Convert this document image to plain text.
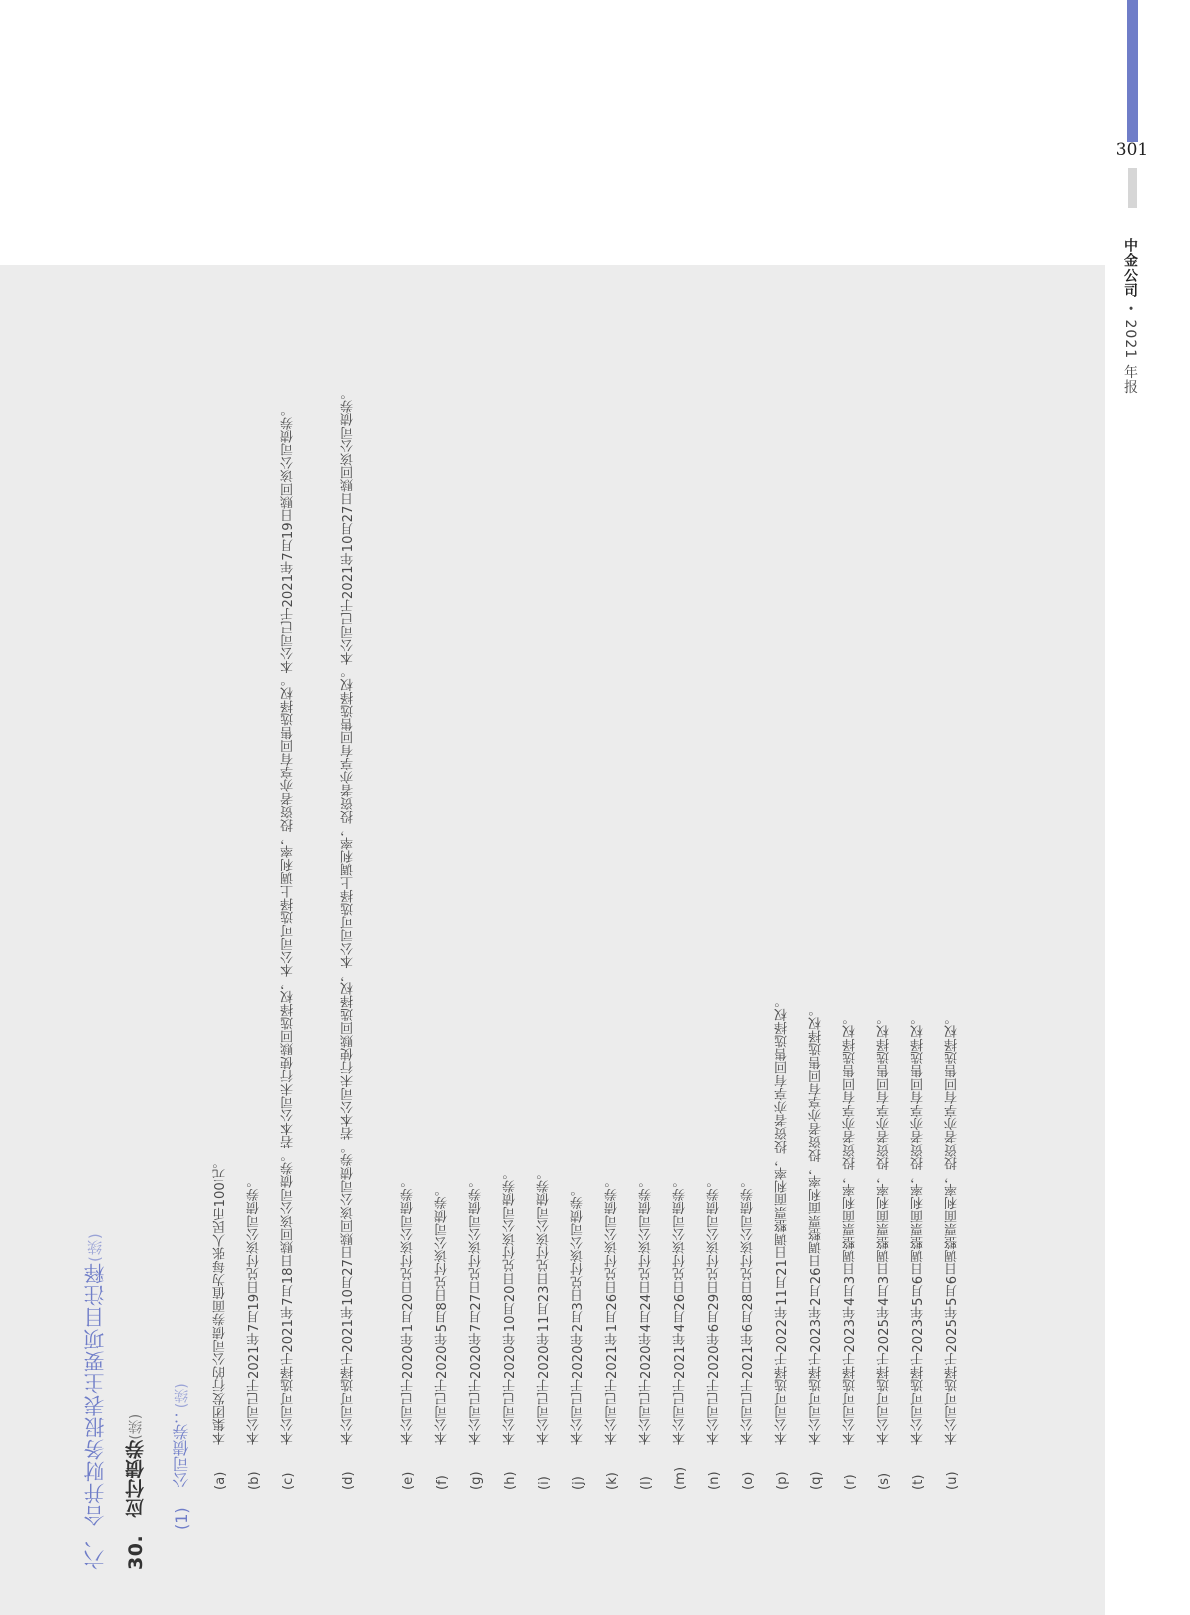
301
中金公司•2021 年报
六、合并财务报表主要项目注释(续)
30. 应付债券(续)
(1) 公司债券：(续)
(a)
本集团发行的公司债券面值为每张人民币100元。
(b)
本公司已于2021年7月19日兑付该公司债券。
(c)
本公司可选择于2021年7月18日赎回该公司债券。若本公司未行使赎回选择权，本公司可选择上调利率，投资者亦享有回售选择权。本公司已于2021年7月19日赎回该公司债券。
(d)
本公司可选择于2021年10月27日赎回该公司债券。若本公司未行使赎回选择权，本公司可选择上调利率，投资者亦享有回售选择权。本公司已于2021年10月27日赎回该公司债券。
(e)
本公司已于2020年1月20日兑付该公司债券。
(f)
本公司已于2020年5月8日兑付该公司债券。
(g)
本公司已于2020年7月27日兑付该公司债券。
(h)
本公司已于2020年10月20日兑付该公司债券。
(i)
本公司已于2020年11月23日兑付该公司债券。
(j)
本公司已于2020年2月3日兑付该公司债券。
(k)
本公司已于2021年1月26日兑付该公司债券。
(l)
本公司已于2020年4月24日兑付该公司债券。
(m)
本公司已于2021年4月26日兑付该公司债券。
(n)
本公司已于2020年6月29日兑付该公司债券。
(o)
本公司已于2021年6月28日兑付该公司债券。
(p)
本公司可选择于2022年11月21日调整票面利率，投资者亦享有回售选择权。
(q)
本公司可选择于2023年2月26日调整票面利率，投资者亦享有回售选择权。
(r)
本公司可选择于2023年4月3日调整票面利率，投资者亦享有回售选择权。
(s)
本公司可选择于2025年4月3日调整票面利率，投资者亦享有回售选择权。
(t)
本公司可选择于2023年5月6日调整票面利率，投资者亦享有回售选择权。
(u)
本公司可选择于2025年5月6日调整票面利率，投资者亦享有回售选择权。
